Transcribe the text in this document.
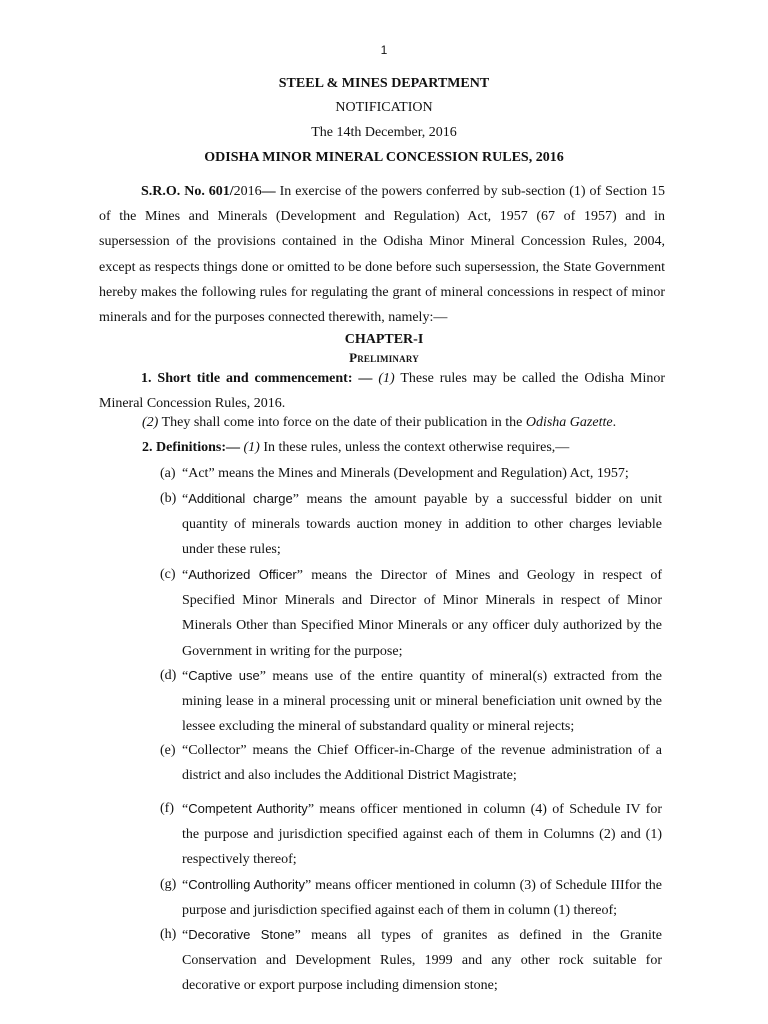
1
STEEL & MINES DEPARTMENT
NOTIFICATION
The 14th December, 2016
ODISHA MINOR MINERAL CONCESSION RULES, 2016
S.R.O. No. 601/2016— In exercise of the powers conferred by sub-section (1) of Section 15 of the Mines and Minerals (Development and Regulation) Act, 1957 (67 of 1957) and in supersession of the provisions contained in the Odisha Minor Mineral Concession Rules, 2004, except as respects things done or omitted to be done before such supersession, the State Government hereby makes the following rules for regulating the grant of mineral concessions in respect of minor minerals and for the purposes connected therewith, namely:—
CHAPTER-I
Preliminary
1. Short title and commencement: — (1) These rules may be called the Odisha Minor Mineral Concession Rules, 2016.
(2) They shall come into force on the date of their publication in the Odisha Gazette.
2. Definitions:— (1) In these rules, unless the context otherwise requires,—
(a) “Act” means the Mines and Minerals (Development and Regulation) Act, 1957;
(b) “Additional charge” means the amount payable by a successful bidder on unit quantity of minerals towards auction money in addition to other charges leviable under these rules;
(c) “Authorized Officer” means the Director of Mines and Geology in respect of Specified Minor Minerals and Director of Minor Minerals in respect of Minor Minerals Other than Specified Minor Minerals or any officer duly authorized by the Government in writing for the purpose;
(d) “Captive use” means use of the entire quantity of mineral(s) extracted from the mining lease in a mineral processing unit or mineral beneficiation unit owned by the lessee excluding the mineral of substandard quality or mineral rejects;
(e) “Collector” means the Chief Officer-in-Charge of the revenue administration of a district and also includes the Additional District Magistrate;
(f) “Competent Authority” means officer mentioned in column (4) of Schedule IV for the purpose and jurisdiction specified against each of them in Columns (2) and (1) respectively thereof;
(g) “Controlling Authority” means officer mentioned in column (3) of Schedule IIIfor the purpose and jurisdiction specified against each of them in column (1) thereof;
(h) “Decorative Stone” means all types of granites as defined in the Granite Conservation and Development Rules, 1999 and any other rock suitable for decorative or export purpose including dimension stone;
